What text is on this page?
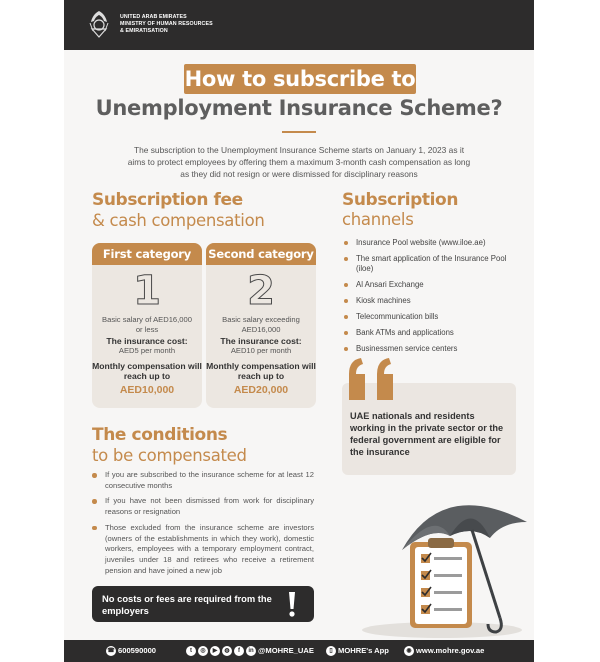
UNITED ARAB EMIRATES
MINISTRY OF HUMAN RESOURCES
& EMIRATISATION
How to subscribe to
Unemployment Insurance Scheme?

The subscription to the Unemployment Insurance Scheme starts on January 1, 2023 as it aims to protect employees by offering them a maximum 3-month cash compensation as long as they did not resign or were dismissed for disciplinary reasons

Subscription fee
& cash compensation
First category
1
Basic salary of AED16,000 or less
The insurance cost:
AED5 per month
Monthly compensation will reach up to
AED10,000
Second category
2
Basic salary exceeding AED16,000
The insurance cost:
AED10 per month
Monthly compensation will reach up to
AED20,000
Subscription
channels
Insurance Pool website (www.iloe.ae)
The smart application of the Insurance Pool (iloe)
Al Ansari Exchange
Kiosk machines
Telecommunication bills
Bank ATMs and applications
Businessmen service centers
UAE nationals and residents working in the private sector or the federal government are eligible for the insurance
The conditions
to be compensated
If you are subscribed to the insurance scheme for at least 12 consecutive months
If you have not been dismissed from work for disciplinary reasons or resignation
Those excluded from the insurance scheme are investors (owners of the establishments in which they work), domestic workers, employees with a temporary employment contract, juveniles under 18 and retirees who receive a retirement pension and have joined a new job
No costs or fees are required from the employers
☎ 600590000	t ◎ ▶ ◍ f in @MOHRE_UAE	▯ MOHRE's App	◉ www.mohre.gov.ae
